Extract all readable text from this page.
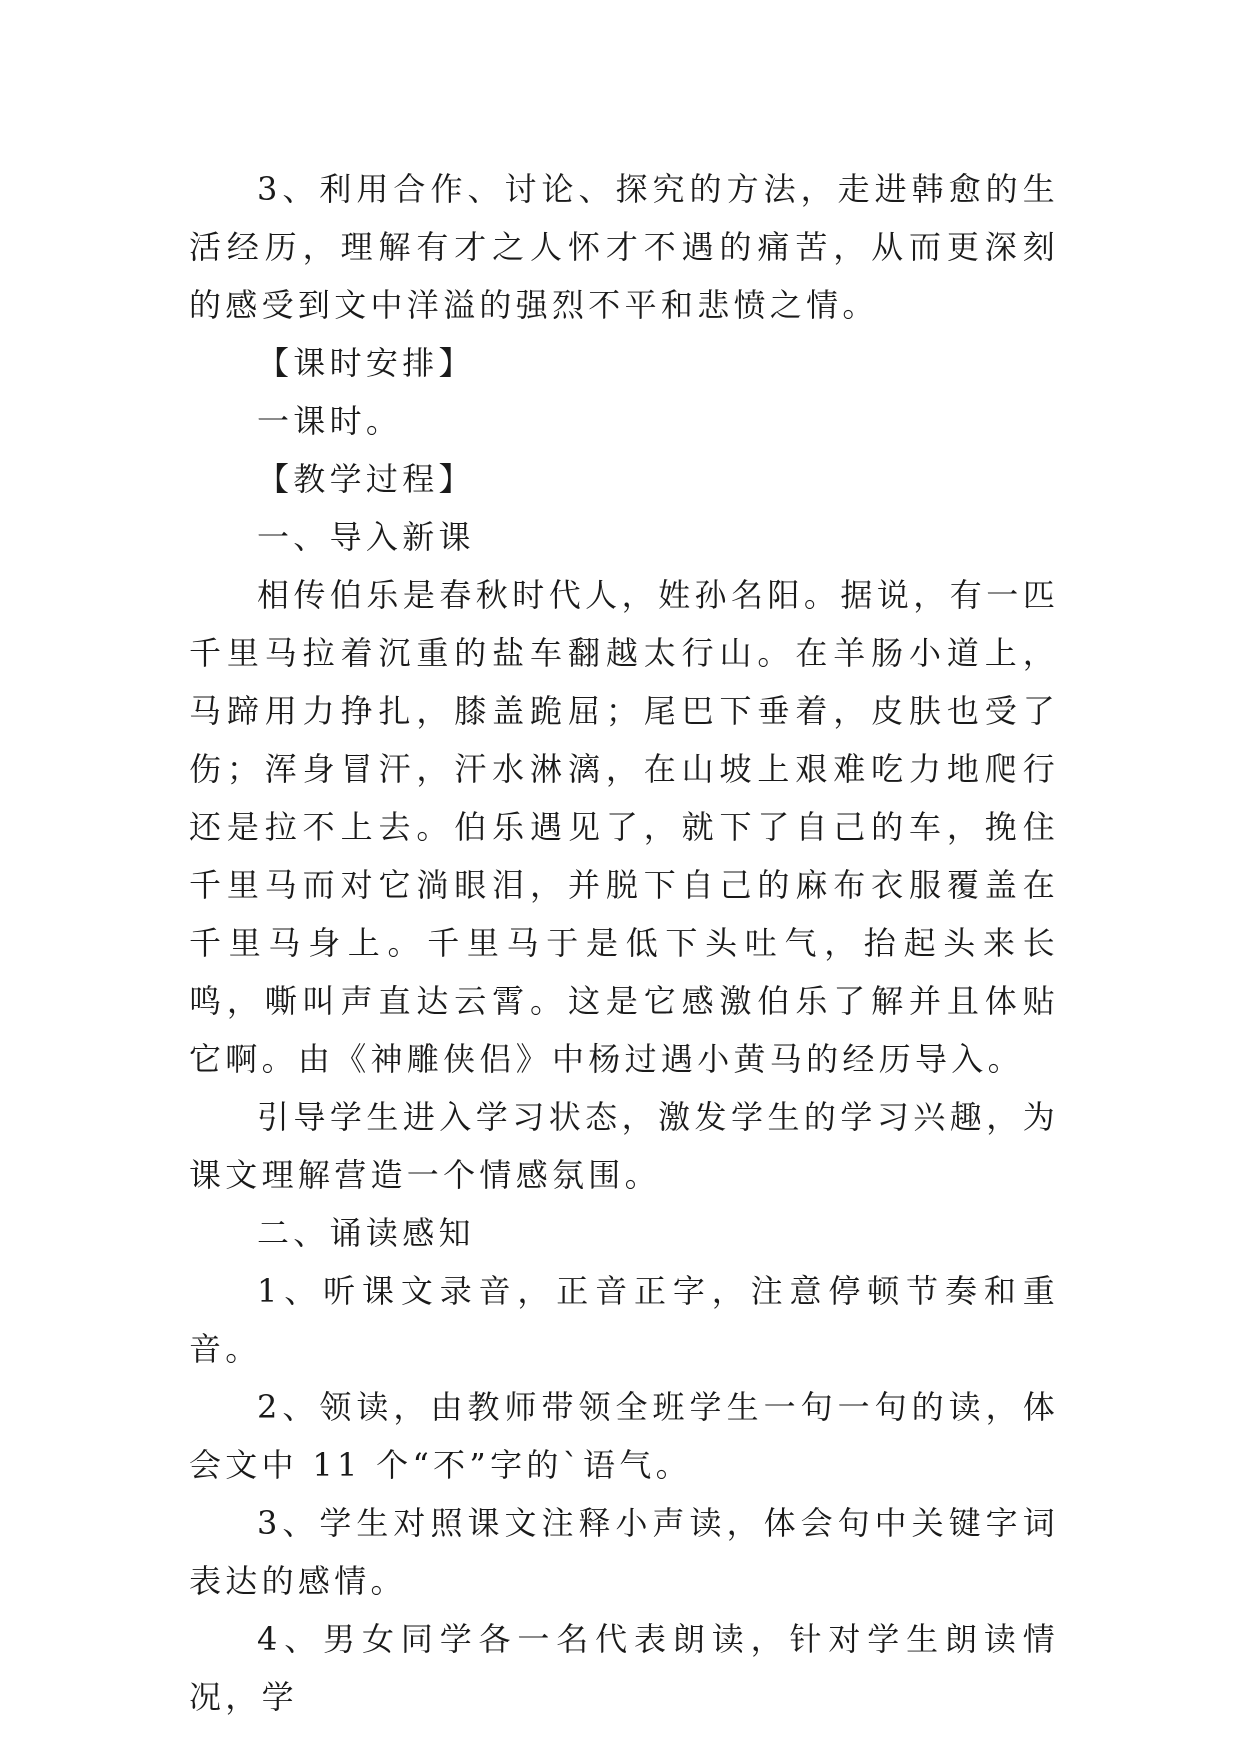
3、利用合作、讨论、探究的方法，走进韩愈的生活经历，理解有才之人怀才不遇的痛苦，从而更深刻的感受到文中洋溢的强烈不平和悲愤之情。

【课时安排】

一课时。

【教学过程】

一、导入新课

相传伯乐是春秋时代人，姓孙名阳。据说，有一匹千里马拉着沉重的盐车翻越太行山。在羊肠小道上，马蹄用力挣扎，膝盖跪屈；尾巴下垂着，皮肤也受了伤；浑身冒汗，汗水淋漓，在山坡上艰难吃力地爬行还是拉不上去。伯乐遇见了，就下了自己的车，挽住千里马而对它淌眼泪，并脱下自己的麻布衣服覆盖在千里马身上。千里马于是低下头吐气，抬起头来长鸣，嘶叫声直达云霄。这是它感激伯乐了解并且体贴它啊。由《神雕侠侣》中杨过遇小黄马的经历导入。

引导学生进入学习状态，激发学生的学习兴趣，为课文理解营造一个情感氛围。

二、诵读感知

1、听课文录音，正音正字，注意停顿节奏和重音。

2、领读，由教师带领全班学生一句一句的读，体会文中 11 个“不”字的`语气。

3、学生对照课文注释小声读，体会句中关键字词表达的感情。

4、男女同学各一名代表朗读，针对学生朗读情况，学
